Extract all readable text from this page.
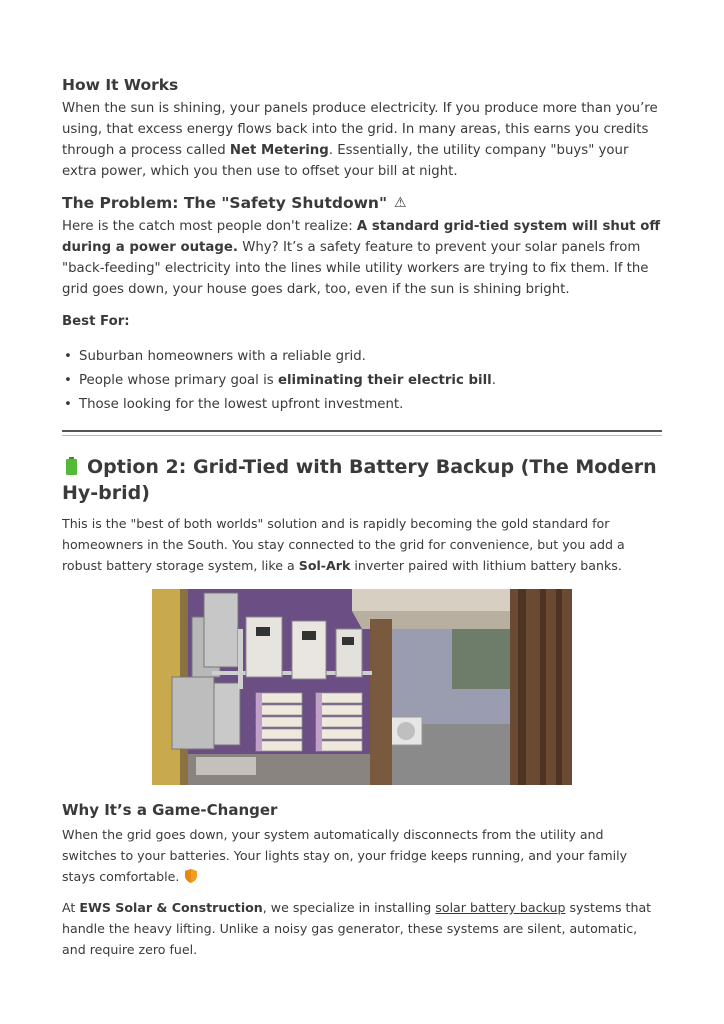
How It Works

When the sun is shining, your panels produce electricity. If you produce more than you’re using, that excess energy flows back into the grid. In many areas, this earns you credits through a process called Net Metering. Essentially, the utility company "buys" your extra power, which you then use to offset your bill at night.

The Problem: The "Safety Shutdown" ⚠

Here is the catch most people don't realize: A standard grid-tied system will shut off during a power outage. Why? It’s a safety feature to prevent your solar panels from "back-feeding" electricity into the lines while utility workers are trying to fix them. If the grid goes down, your house goes dark, too, even if the sun is shining bright.

Best For:
• Suburban homeowners with a reliable grid.
• People whose primary goal is eliminating their electric bill.
• Those looking for the lowest upfront investment.
Option 2: Grid-Tied with Battery Backup (The Modern Hy-brid)

This is the "best of both worlds" solution and is rapidly becoming the gold standard for homeowners in the South. You stay connected to the grid for convenience, but you add a robust battery storage system, like a Sol-Ark inverter paired with lithium battery banks.

Why It’s a Game-Changer

When the grid goes down, your system automatically disconnects from the utility and switches to your batteries. Your lights stay on, your fridge keeps running, and your family stays comfortable.

At EWS Solar & Construction, we specialize in installing solar battery backup systems that handle the heavy lifting. Unlike a noisy gas generator, these systems are silent, automatic, and require zero fuel.
